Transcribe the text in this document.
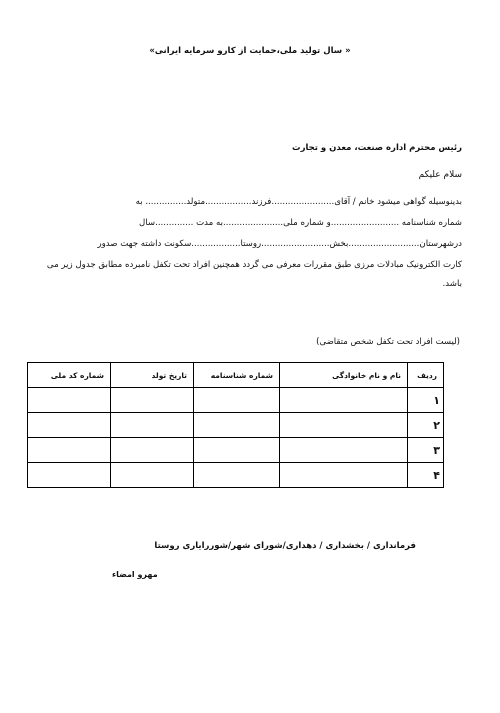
« سال تولید ملی،حمایت از کارو سرمایه ایرانی»
رئیس محترم اداره صنعت، معدن و تجارت
سلام علیکم
بدینوسیله گواهی میشود خانم / آقای.......................فرزند.................متولد............... به
شماره شناسنامه .........................و شماره ملی......................به مدت ..............سال
درشهرستان..........................بخش.........................روستا..................سکونت داشته جهت صدور
کارت الکترونیک مبادلات مرزی طبق مقررات معرفی می گردد همچنین افراد تحت تکفل نامبرده مطابق جدول زیر می
باشد.
(لیست افراد تحت تکفل شخص متقاضی)
ردیف	نام و نام خانوادگی	شماره شناسنامه	تاریخ تولد	شماره کد ملی
۱				
۲				
۳				
۴				
فرمانداری / بخشداری / دهداری/شورای شهر/شوررایاری روستا
مهرو امضاء
